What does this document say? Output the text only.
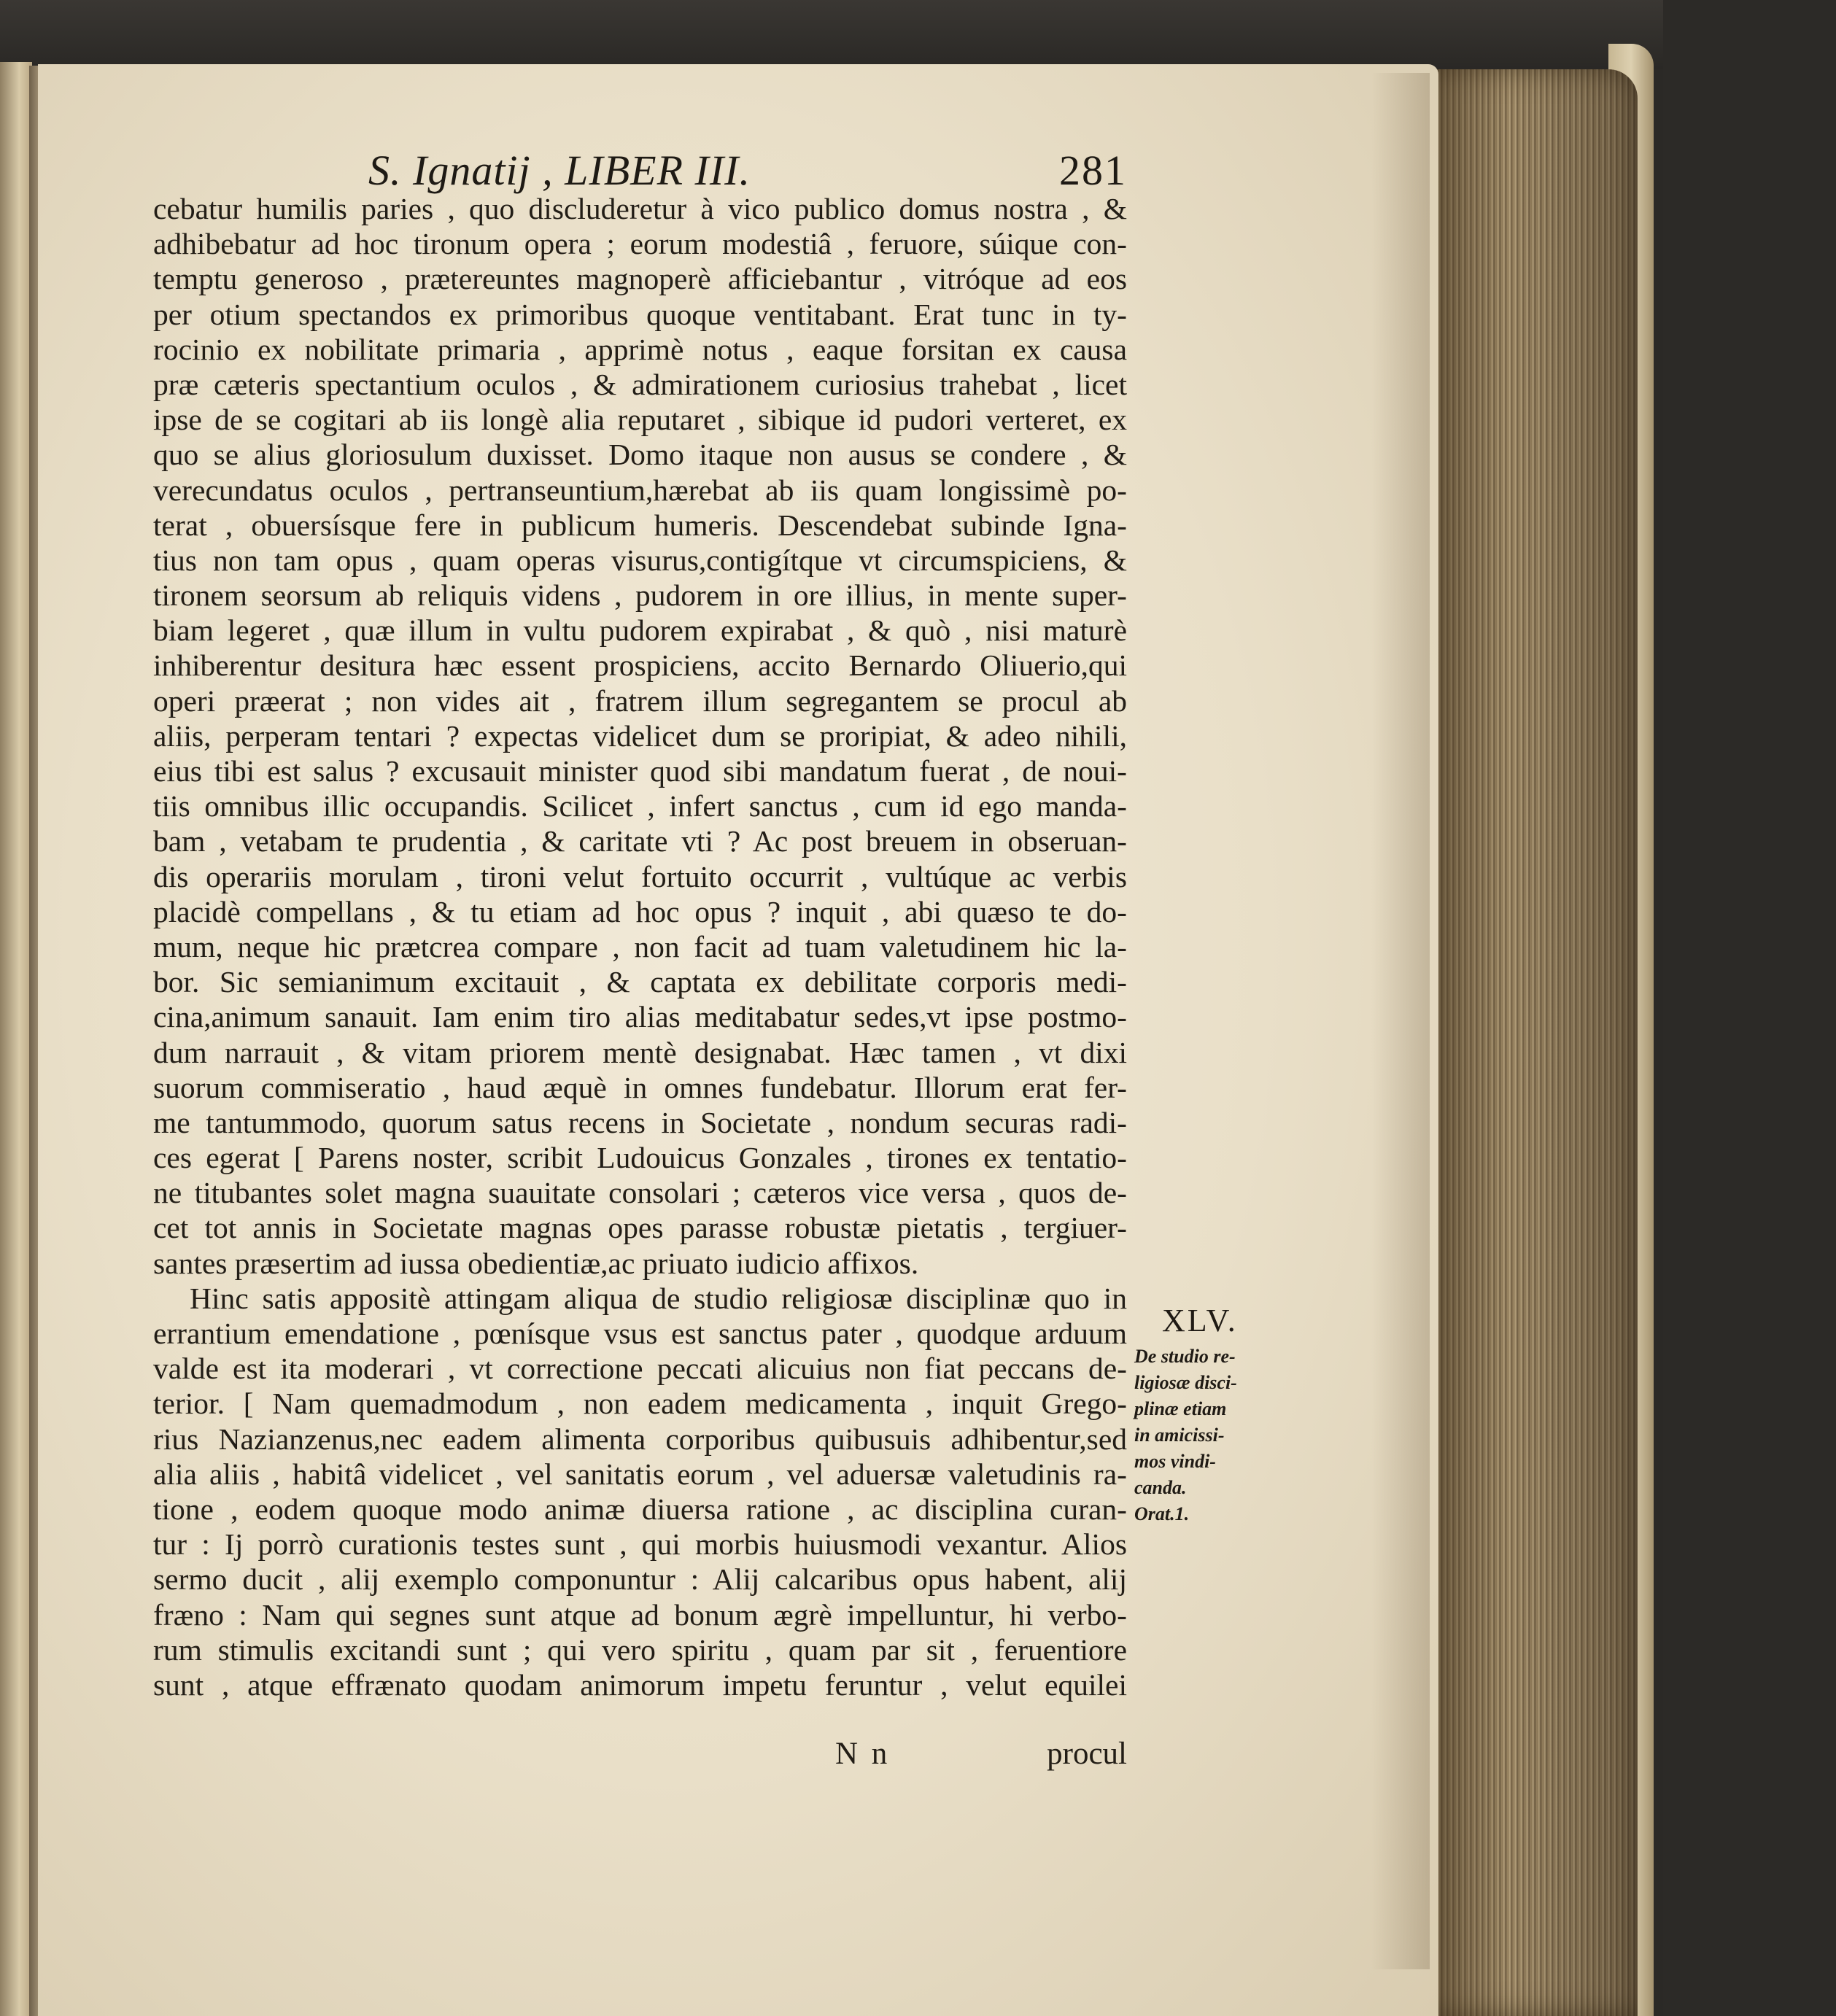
S. Ignatij , LIBER III.	281
cebatur humilis paries , quo discluderetur à vico publico domus nostra , &
adhibebatur ad hoc tironum opera ; eorum modestiâ , feruore, súique con-
temptu generoso , prætereuntes magnoperè afficiebantur , vitróque ad eos
per otium spectandos ex primoribus quoque ventitabant. Erat tunc in ty-
rocinio ex nobilitate primaria , apprimè notus , eaque forsitan ex causa
præ cæteris spectantium oculos , & admirationem curiosius trahebat , licet
ipse de se cogitari ab iis longè alia reputaret , sibique id pudori verteret, ex
quo se alius gloriosulum duxisset. Domo itaque non ausus se condere , &
verecundatus oculos , pertranseuntium,hærebat ab iis quam longissimè po-
terat , obuersísque fere in publicum humeris. Descendebat subinde Igna-
tius non tam opus , quam operas visurus,contigítque vt circumspiciens, &
tironem seorsum ab reliquis videns , pudorem in ore illius, in mente super-
biam legeret , quæ illum in vultu pudorem expirabat , & quò , nisi maturè
inhiberentur desitura hæc essent prospiciens, accito Bernardo Oliuerio,qui
operi præerat ; non vides ait , fratrem illum segregantem se procul ab
aliis, perperam tentari ? expectas videlicet dum se proripiat, & adeo nihili,
eius tibi est salus ? excusauit minister quod sibi mandatum fuerat , de noui-
tiis omnibus illic occupandis. Scilicet , infert sanctus , cum id ego manda-
bam , vetabam te prudentia , & caritate vti ? Ac post breuem in obseruan-
dis operariis morulam , tironi velut fortuito occurrit , vultúque ac verbis
placidè compellans , & tu etiam ad hoc opus ? inquit , abi quæso te do-
mum, neque hic prætcrea compare , non facit ad tuam valetudinem hic la-
bor. Sic semianimum excitauit , & captata ex debilitate corporis medi-
cina,animum sanauit. Iam enim tiro alias meditabatur sedes,vt ipse postmo-
dum narrauit , & vitam priorem mentè designabat. Hæc tamen , vt dixi
suorum commiseratio , haud æquè in omnes fundebatur. Illorum erat fer-
me tantummodo, quorum satus recens in Societate , nondum securas radi-
ces egerat [ Parens noster, scribit Ludouicus Gonzales , tirones ex tentatio-
ne titubantes solet magna suauitate consolari ; cæteros vice versa , quos de-
cet tot annis in Societate magnas opes parasse robustæ pietatis , tergiuer-
santes præsertim ad iussa obedientiæ,ac priuato iudicio affixos.
Hinc satis appositè attingam aliqua de studio religiosæ disciplinæ quo in
errantium emendatione , pœnísque vsus est sanctus pater , quodque arduum
valde est ita moderari , vt correctione peccati alicuius non fiat peccans de-
terior. [ Nam quemadmodum , non eadem medicamenta , inquit Grego-
rius Nazianzenus,nec eadem alimenta corporibus quibusuis adhibentur,sed
alia aliis , habitâ videlicet , vel sanitatis eorum , vel aduersæ valetudinis ra-
tione , eodem quoque modo animæ diuersa ratione , ac disciplina curan-
tur : Ij porrò curationis testes sunt , qui morbis huiusmodi vexantur. Alios
sermo ducit , alij exemplo componuntur : Alij calcaribus opus habent, alij
fræno : Nam qui segnes sunt atque ad bonum ægrè impelluntur, hi verbo-
rum stimulis excitandi sunt ; qui vero spiritu , quam par sit , feruentiore
sunt , atque effrænato quodam animorum impetu feruntur , velut equilei
XLV.
De studio re-
ligiosæ disci-
plinæ etiam
in amicissi-
mos vindi-
canda.
Orat.1.
N n	procul
